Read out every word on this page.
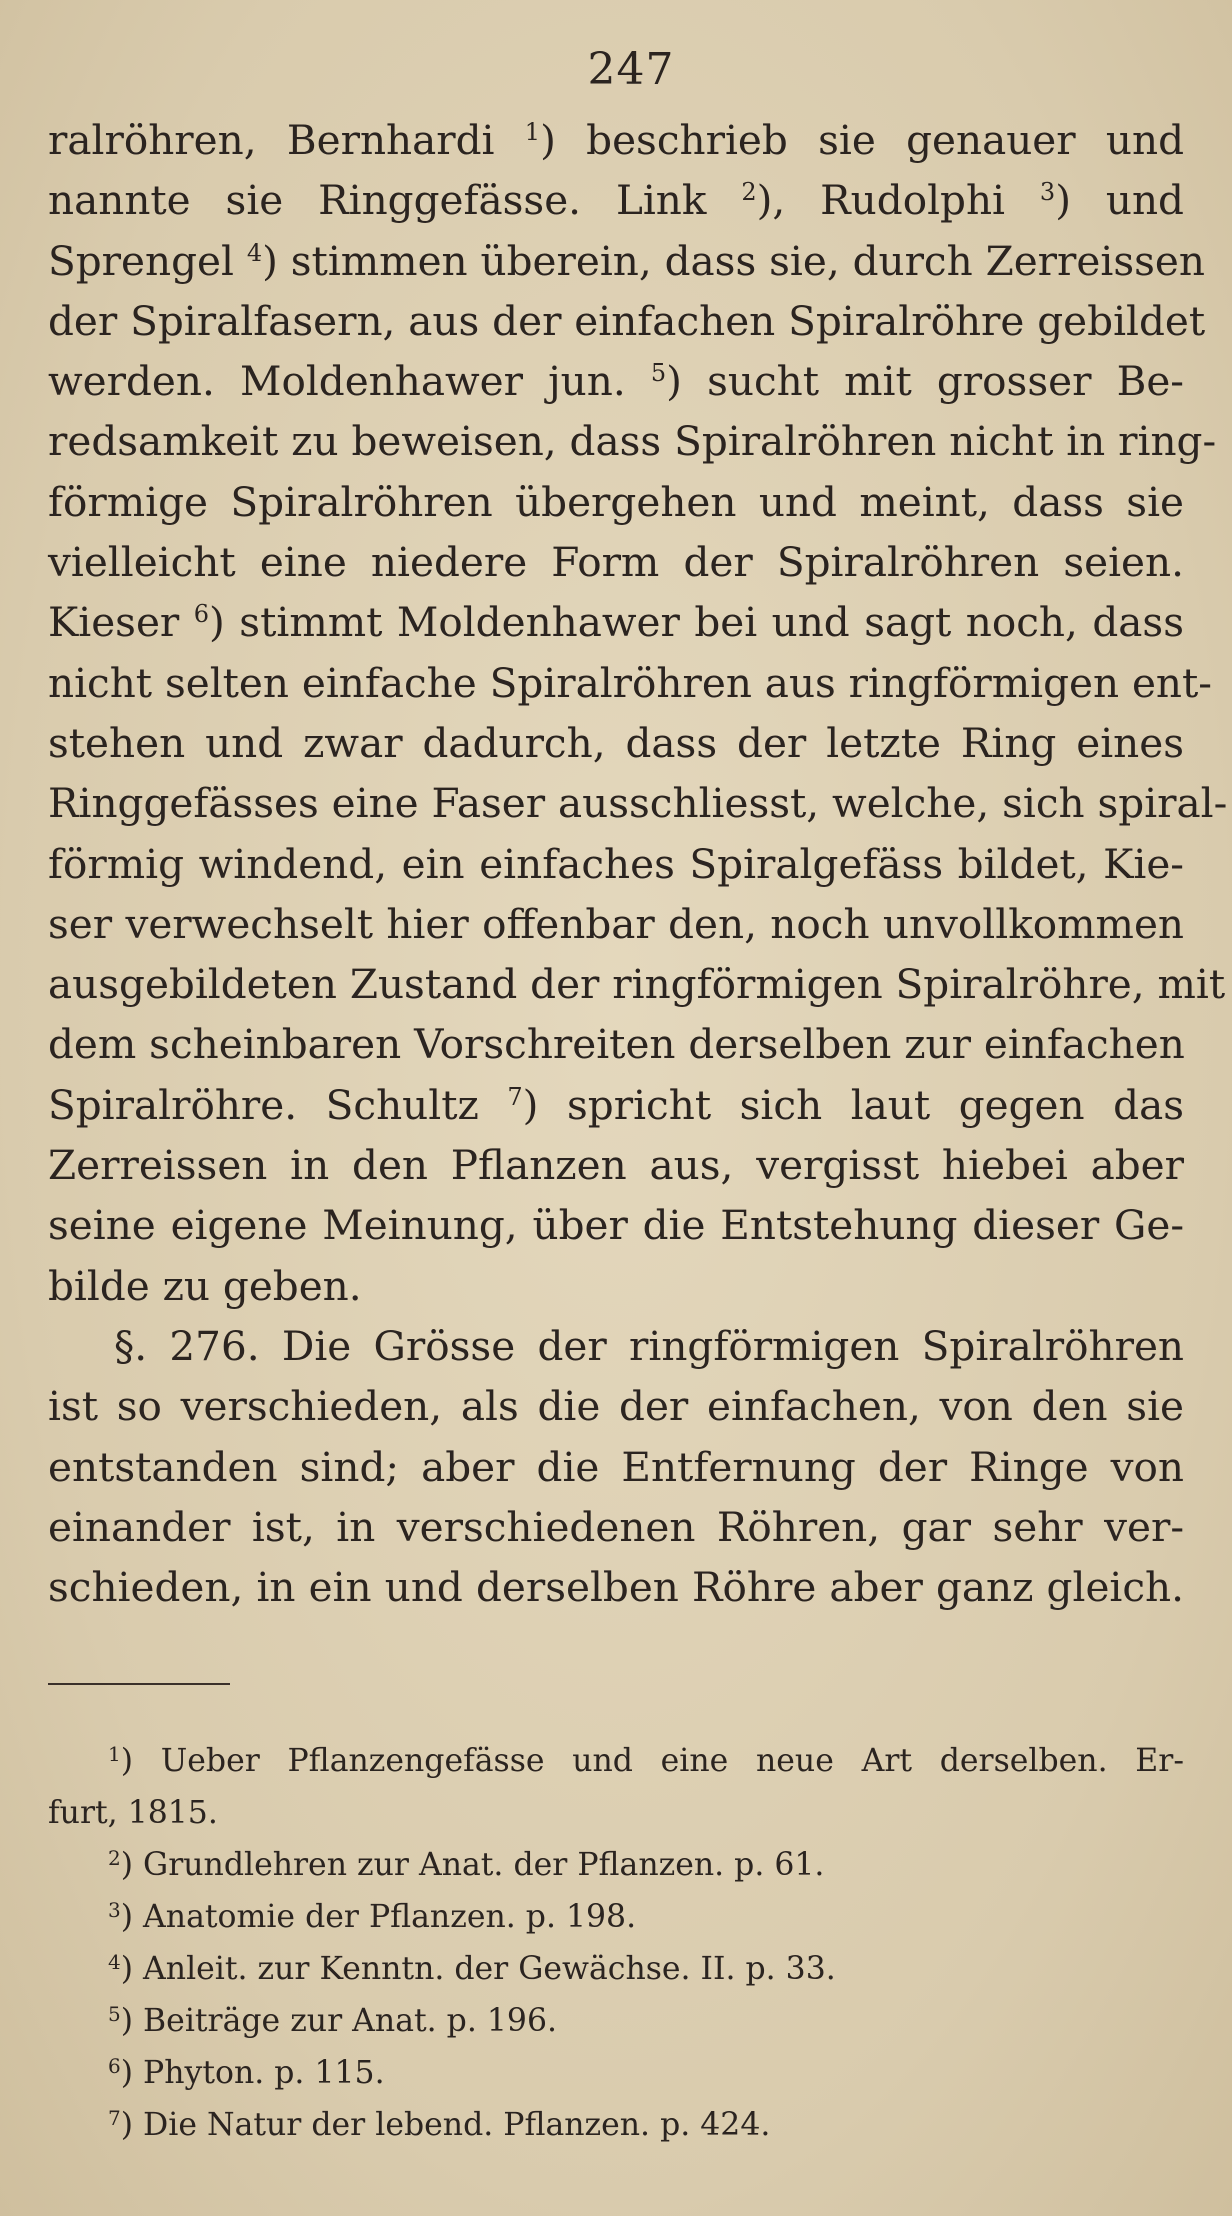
247
ralröhren, Bernhardi $^1$) beschrieb sie genauer und
nannte sie Ringgefässe. Link $^2$), Rudolphi $^3$) und
Sprengel $^4$) stimmen überein, dass sie, durch Zerreissen
der Spiralfasern, aus der einfachen Spiralröhre gebildet
werden. Moldenhawer jun. $^5$) sucht mit grosser Be-
redsamkeit zu beweisen, dass Spiralröhren nicht in ring-
förmige Spiralröhren übergehen und meint, dass sie
vielleicht eine niedere Form der Spiralröhren seien.
Kieser $^6$) stimmt Moldenhawer bei und sagt noch, dass
nicht selten einfache Spiralröhren aus ringförmigen ent-
stehen und zwar dadurch, dass der letzte Ring eines
Ringgefässes eine Faser ausschliesst, welche, sich spiral-
förmig windend, ein einfaches Spiralgefäss bildet, Kie-
ser verwechselt hier offenbar den, noch unvollkommen
ausgebildeten Zustand der ringförmigen Spiralröhre, mit
dem scheinbaren Vorschreiten derselben zur einfachen
Spiralröhre. Schultz $^7$) spricht sich laut gegen das
Zerreissen in den Pflanzen aus, vergisst hiebei aber
seine eigene Meinung, über die Entstehung dieser Ge-
bilde zu geben.
§. 276. Die Grösse der ringförmigen Spiralröhren
ist so verschieden, als die der einfachen, von den sie
entstanden sind; aber die Entfernung der Ringe von
einander ist, in verschiedenen Röhren, gar sehr ver-
schieden, in ein und derselben Röhre aber ganz gleich.
$^1$) Ueber Pflanzengefässe und eine neue Art derselben. Er-
furt, 1815.
$^2$) Grundlehren zur Anat. der Pflanzen. p. 61.
$^3$) Anatomie der Pflanzen. p. 198.
$^4$) Anleit. zur Kenntn. der Gewächse. II. p. 33.
$^5$) Beiträge zur Anat. p. 196.
$^6$) Phyton. p. 115.
$^7$) Die Natur der lebend. Pflanzen. p. 424.
